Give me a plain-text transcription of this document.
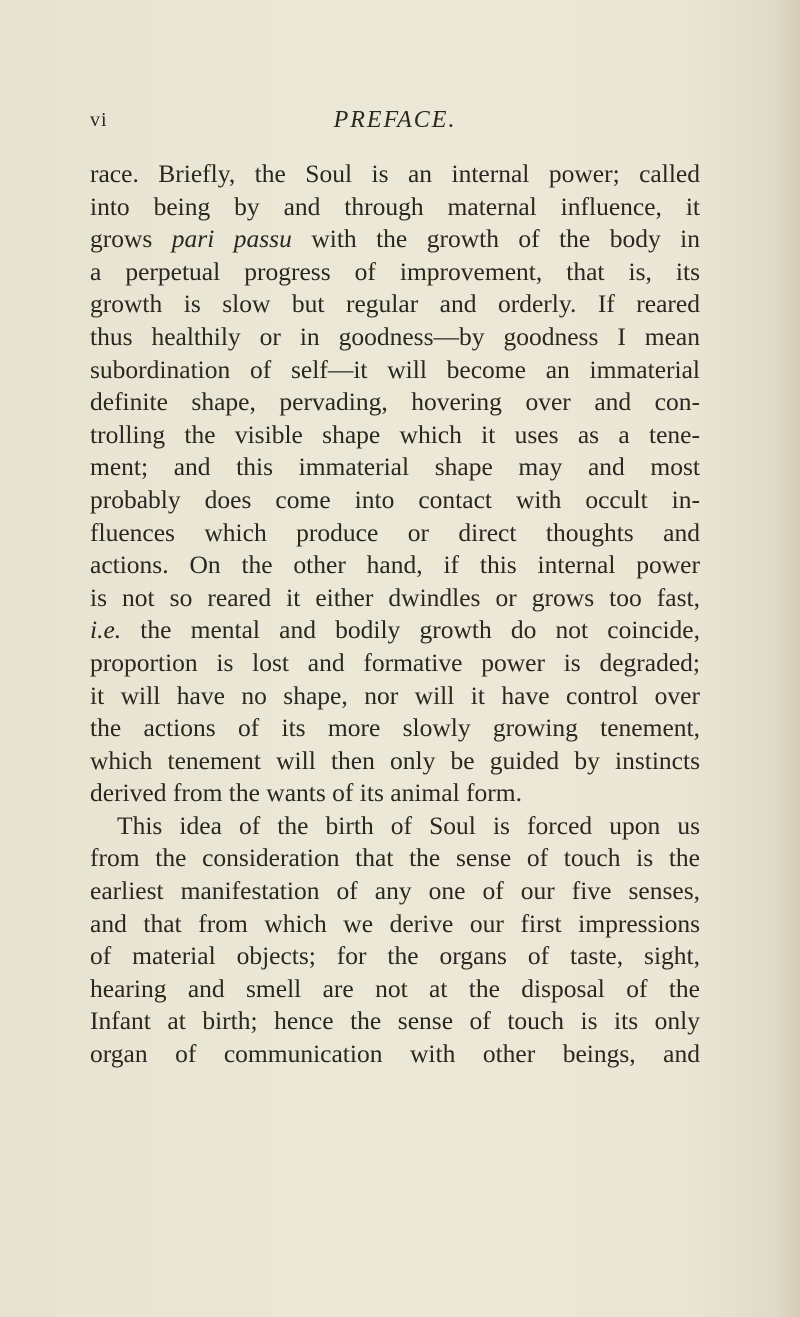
vi	PREFACE.
race. Briefly, the Soul is an internal power; called
into being by and through maternal influence, it
grows pari passu with the growth of the body in
a perpetual progress of improvement, that is, its
growth is slow but regular and orderly. If reared
thus healthily or in goodness—by goodness I mean
subordination of self—it will become an immaterial
definite shape, pervading, hovering over and con-
trolling the visible shape which it uses as a tene-
ment; and this immaterial shape may and most
probably does come into contact with occult in-
fluences which produce or direct thoughts and
actions. On the other hand, if this internal power
is not so reared it either dwindles or grows too fast,
i.e. the mental and bodily growth do not coincide,
proportion is lost and formative power is degraded;
it will have no shape, nor will it have control over
the actions of its more slowly growing tenement,
which tenement will then only be guided by instincts
derived from the wants of its animal form.
This idea of the birth of Soul is forced upon us
from the consideration that the sense of touch is the
earliest manifestation of any one of our five senses,
and that from which we derive our first impressions
of material objects; for the organs of taste, sight,
hearing and smell are not at the disposal of the
Infant at birth; hence the sense of touch is its only
organ of communication with other beings, and
